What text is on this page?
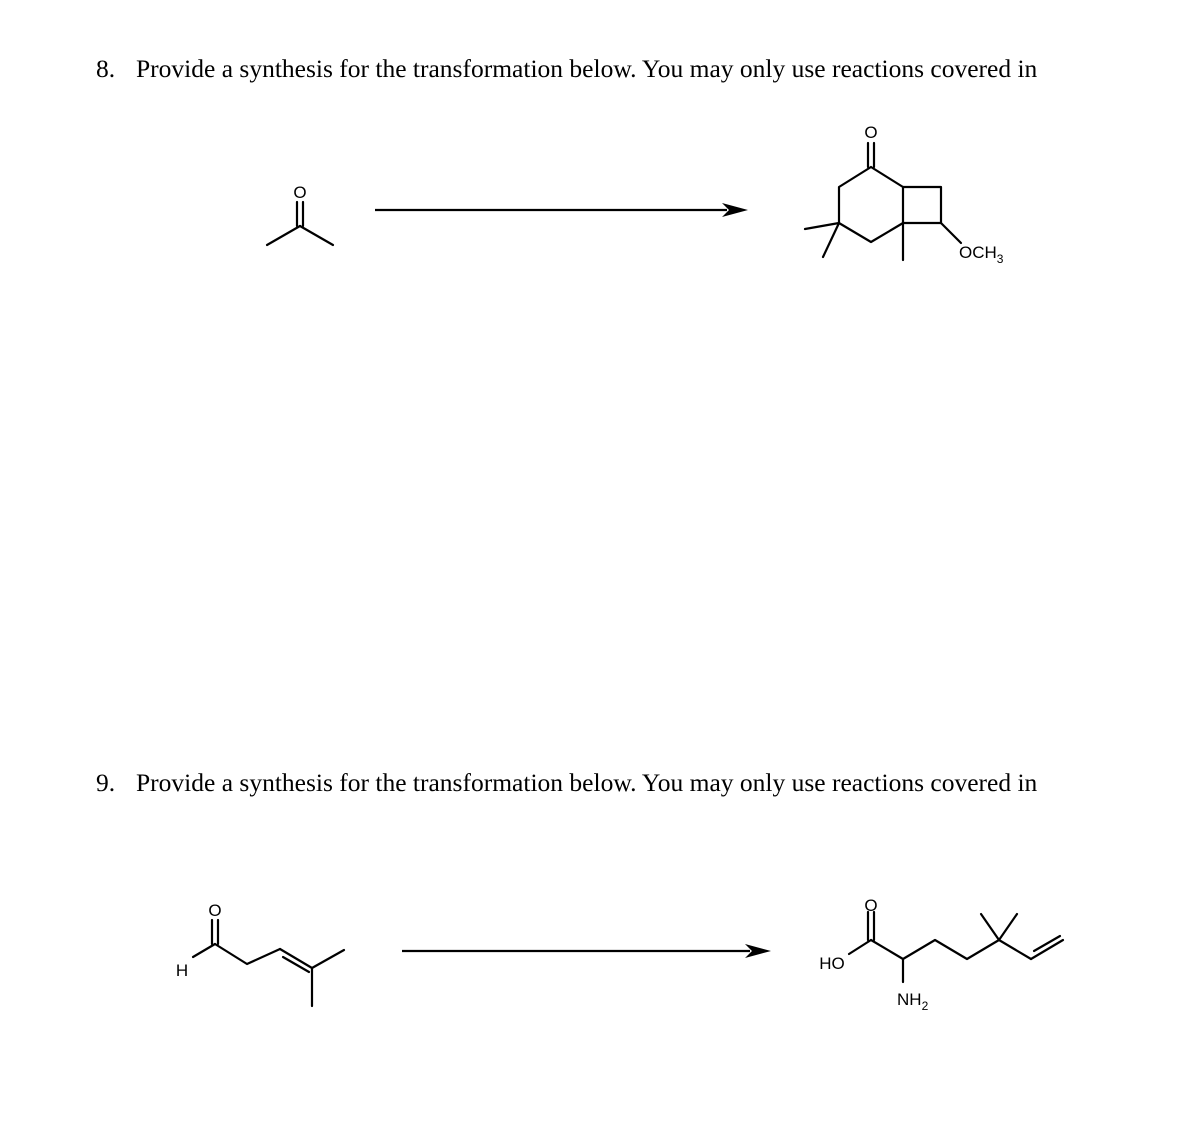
8. Provide a synthesis for the transformation below. You may only use reactions covered in
O
O
$OCH_3$
9. Provide a synthesis for the transformation below. You may only use reactions covered in
O
H
O
HO
$NH_2$
